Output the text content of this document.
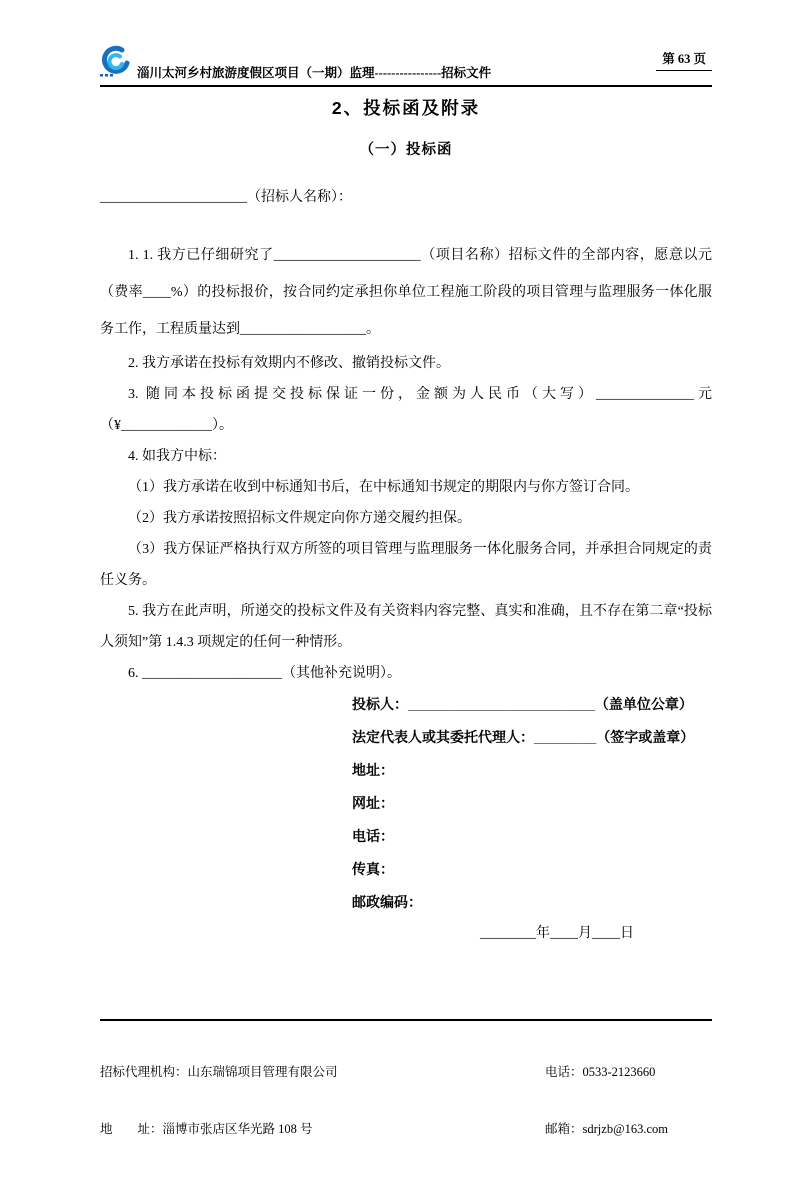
淄川太河乡村旅游度假区项目（一期）监理----------------招标文件
第 63 页
2、投标函及附录
（一）投标函
_____________________（招标人名称）：

1. 1. 我方已仔细研究了_____________________（项目名称）招标文件的全部内容，愿意以元（费率____%）的投标报价，按合同约定承担你单位工程施工阶段的项目管理与监理服务一体化服务工作，工程质量达到__________________。

2. 我方承诺在投标有效期内不修改、撤销投标文件。

3. 随同本投标函提交投标保证一份，金额为人民币（大写）______________元（¥_____________）。

4. 如我方中标：

（1）我方承诺在收到中标通知书后，在中标通知书规定的期限内与你方签订合同。

（2）我方承诺按照招标文件规定向你方递交履约担保。

（3）我方保证严格执行双方所签的项目管理与监理服务一体化服务合同，并承担合同规定的责任义务。

5. 我方在此声明，所递交的投标文件及有关资料内容完整、真实和准确，且不存在第二章“投标人须知”第 1.4.3 项规定的任何一种情形。

6. ____________________（其他补充说明）。

投标人：________________________（盖单位公章）
法定代表人或其委托代理人：________（签字或盖章）
地址：
网址：
电话：
传真：
邮政编码：
________年____月____日

招标代理机构：山东瑞锦项目管理有限公司

地        址：淄博市张店区华光路 108 号

电话：0533-2123660

邮箱：sdrjzb@163.com
